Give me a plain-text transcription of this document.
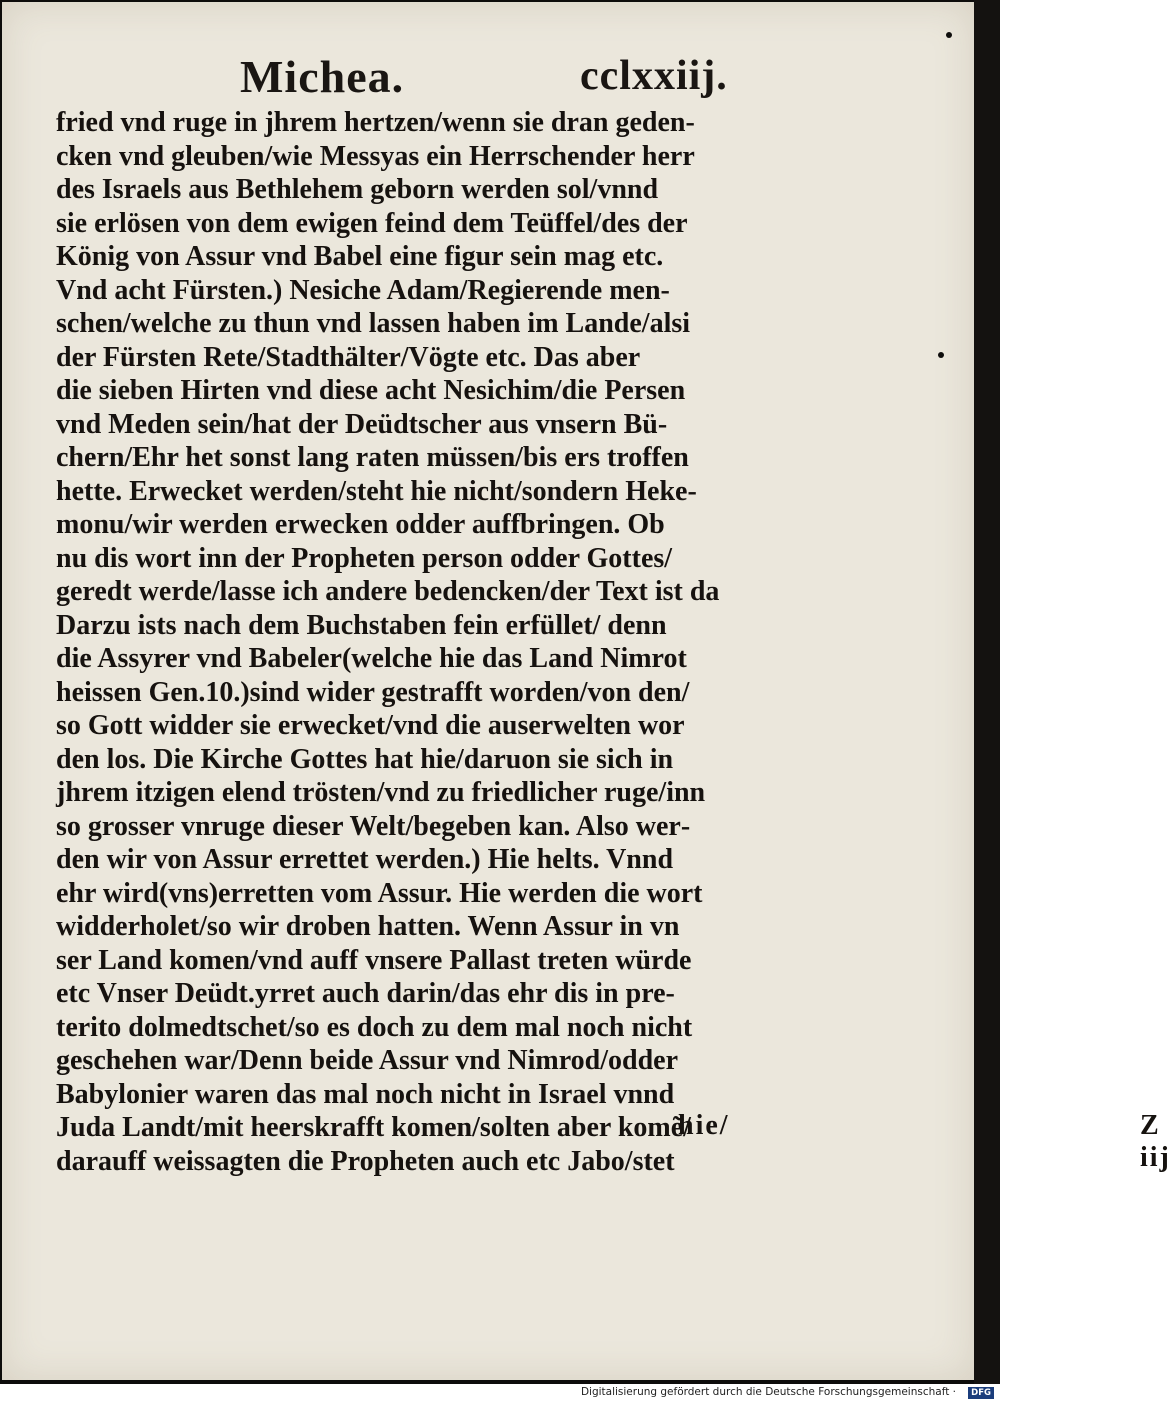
Michea.	cclxxiij.
fried vnd ruge in jhrem hertzen/wenn sie dran geden‑
cken vnd gleuben/wie Messyas ein Herrschender herr
des Israels aus Bethlehem geborn werden sol/vnnd
sie erlösen von dem ewigen feind dem Teüffel/des der
König von Assur vnd Babel eine figur sein mag etc.
Vnd acht Fürsten.) Nesiche Adam/Regierende men‑
schen/welche zu thun vnd lassen haben im Lande/alsi
der Fürsten Rete/Stadthälter/Vögte etc. Das aber
die sieben Hirten vnd diese acht Nesichim/die Persen
vnd Meden sein/hat der Deüdtscher aus vnsern Bü‑
chern/Ehr het sonst lang raten müssen/bis ers troffen
hette. Erwecket werden/steht hie nicht/sondern Heke‑
monu/wir werden erwecken odder auffbringen. Ob
nu dis wort inn der Propheten person odder Gottes/
geredt werde/lasse ich andere bedencken/der Text ist da
Darzu ists nach dem Buchstaben fein erfüllet/ denn
die Assyrer vnd Babeler(welche hie das Land Nimrot
heissen Gen.10.)sind wider gestrafft worden/von den/
so Gott widder sie erwecket/vnd die auserwelten wor
den los. Die Kirche Gottes hat hie/daruon sie sich in
jhrem itzigen elend trösten/vnd zu friedlicher ruge/inn
so grosser vnruge dieser Welt/begeben kan. Also wer‑
den wir von Assur errettet werden.) Hie helts. Vnnd
ehr wird(vns)erretten vom Assur. Hie werden die wort
widderholet/so wir droben hatten. Wenn Assur in vn
ser Land komen/vnd auff vnsere Pallast treten würde
etc Vnser Deüdt.yrret auch darin/das ehr dis in pre‑
terito dolmedtschet/so es doch zu dem mal noch nicht
geschehen war/Denn beide Assur vnd Nimrod/odder
Babylonier waren das mal noch nicht in Israel vnnd
Juda Landt/mit heerskrafft komen/solten aber komẽ/
darauff weissagten die Propheten auch etc Jabo/stet
Z iij
hie/
Digitalisierung gefördert durch die Deutsche Forschungsgemeinschaft ·	DFG
